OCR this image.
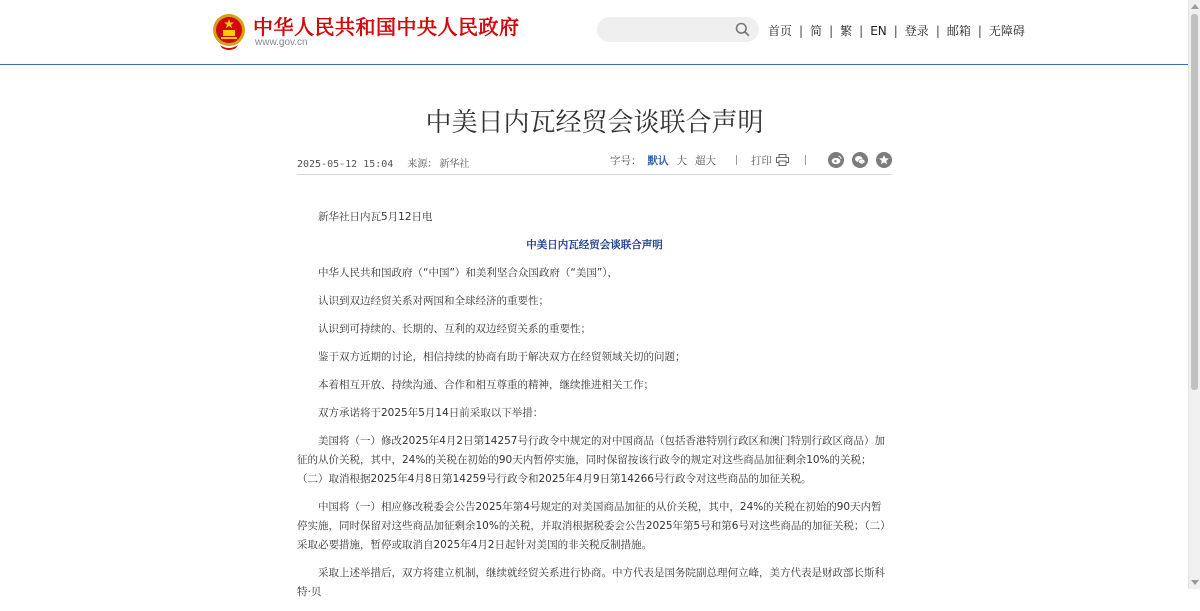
中华人民共和国中央人民政府
www.gov.cn
首页 | 简 | 繁 | EN | 登录 | 邮箱 | 无障碍
中美日内瓦经贸会谈联合声明
2025-05-12 15:04 来源： 新华社	字号： 默认 大 超大	打印

新华社日内瓦5月12日电

中美日内瓦经贸会谈联合声明

中华人民共和国政府（“中国”）和美利坚合众国政府（“美国”），

认识到双边经贸关系对两国和全球经济的重要性；

认识到可持续的、长期的、互利的双边经贸关系的重要性；

鉴于双方近期的讨论，相信持续的协商有助于解决双方在经贸领域关切的问题；

本着相互开放、持续沟通、合作和相互尊重的精神，继续推进相关工作；

双方承诺将于2025年5月14日前采取以下举措：

美国将（一）修改2025年4月2日第14257号行政令中规定的对中国商品（包括香港特别行政区和澳门特别行政区商品）加征的从价关税，其中，24%的关税在初始的90天内暂停实施，同时保留按该行政令的规定对这些商品加征剩余10%的关税；（二）取消根据2025年4月8日第14259号行政令和2025年4月9日第14266号行政令对这些商品的加征关税。

中国将（一）相应修改税委会公告2025年第4号规定的对美国商品加征的从价关税，其中，24%的关税在初始的90天内暂停实施，同时保留对这些商品加征剩余10%的关税，并取消根据税委会公告2025年第5号和第6号对这些商品的加征关税；（二）采取必要措施，暂停或取消自2025年4月2日起针对美国的非关税反制措施。

采取上述举措后，双方将建立机制，继续就经贸关系进行协商。中方代表是国务院副总理何立峰，美方代表是财政部长斯科特·贝
